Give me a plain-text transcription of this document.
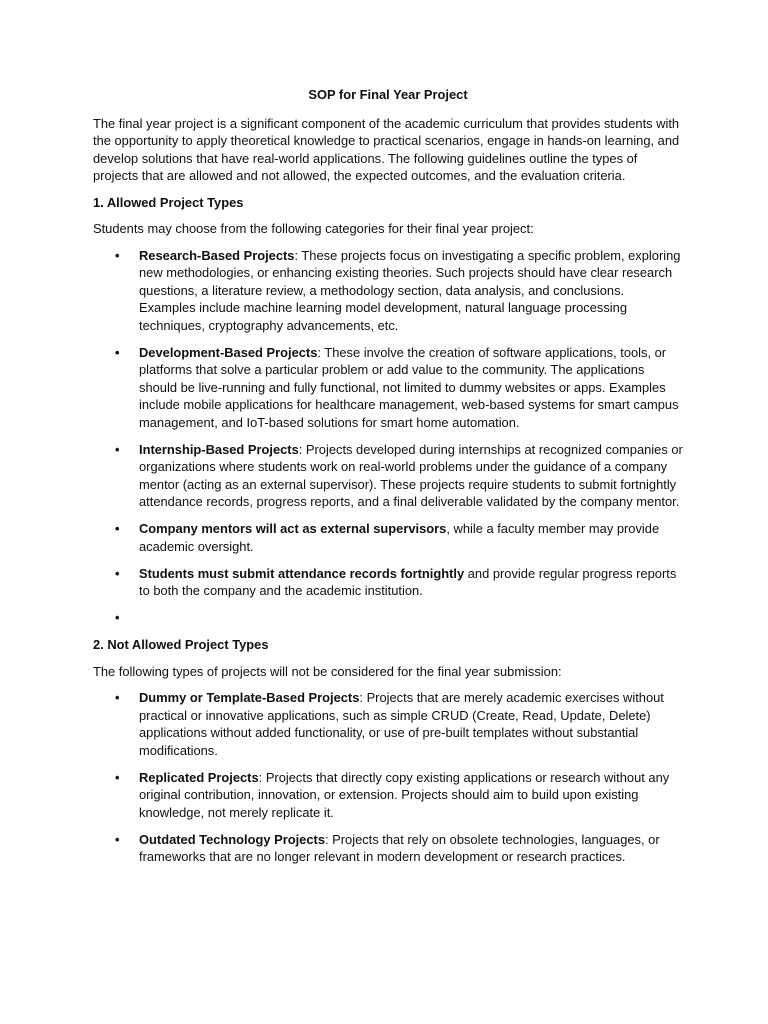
SOP for Final Year Project

The final year project is a significant component of the academic curriculum that provides students with the opportunity to apply theoretical knowledge to practical scenarios, engage in hands-on learning, and develop solutions that have real-world applications. The following guidelines outline the types of projects that are allowed and not allowed, the expected outcomes, and the evaluation criteria.

1. Allowed Project Types

Students may choose from the following categories for their final year project:

• Research-Based Projects: These projects focus on investigating a specific problem, exploring new methodologies, or enhancing existing theories. Such projects should have clear research questions, a literature review, a methodology section, data analysis, and conclusions. Examples include machine learning model development, natural language processing techniques, cryptography advancements, etc.
• Development-Based Projects: These involve the creation of software applications, tools, or platforms that solve a particular problem or add value to the community. The applications should be live-running and fully functional, not limited to dummy websites or apps. Examples include mobile applications for healthcare management, web-based systems for smart campus management, and IoT-based solutions for smart home automation.
• Internship-Based Projects: Projects developed during internships at recognized companies or organizations where students work on real-world problems under the guidance of a company mentor (acting as an external supervisor). These projects require students to submit fortnightly attendance records, progress reports, and a final deliverable validated by the company mentor.
• Company mentors will act as external supervisors, while a faculty member may provide academic oversight.
• Students must submit attendance records fortnightly and provide regular progress reports to both the company and the academic institution.
•
2. Not Allowed Project Types

The following types of projects will not be considered for the final year submission:

• Dummy or Template-Based Projects: Projects that are merely academic exercises without practical or innovative applications, such as simple CRUD (Create, Read, Update, Delete) applications without added functionality, or use of pre-built templates without substantial modifications.
• Replicated Projects: Projects that directly copy existing applications or research without any original contribution, innovation, or extension. Projects should aim to build upon existing knowledge, not merely replicate it.
• Outdated Technology Projects: Projects that rely on obsolete technologies, languages, or frameworks that are no longer relevant in modern development or research practices.
